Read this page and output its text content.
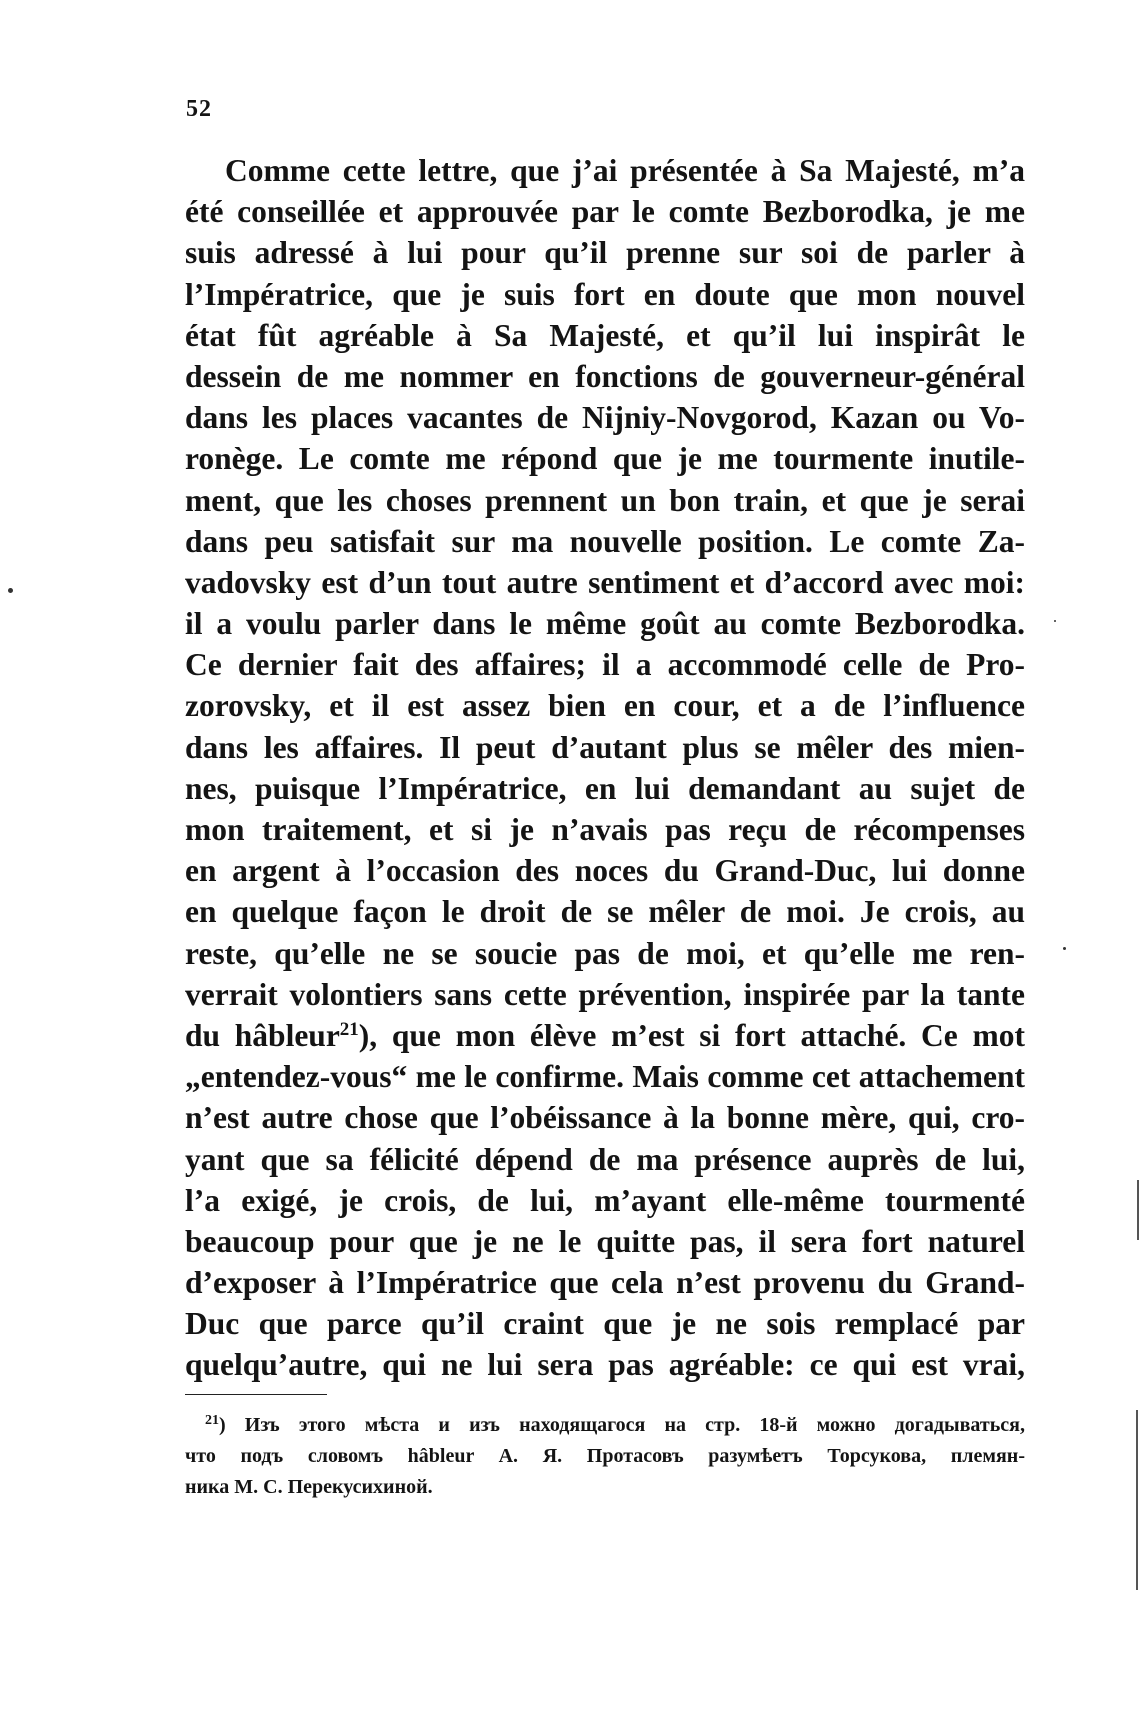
52
Comme cette lettre, que j’ai présentée à Sa Majesté, m’a
été conseillée et approuvée par le comte Bezborodka, je me
suis adressé à lui pour qu’il prenne sur soi de parler à
l’Impératrice, que je suis fort en doute que mon nouvel
état fût agréable à Sa Majesté, et qu’il lui inspirât le
dessein de me nommer en fonctions de gouverneur-général
dans les places vacantes de Nijniy-Novgorod, Kazan ou Vo-
ronège. Le comte me répond que je me tourmente inutile-
ment, que les choses prennent un bon train, et que je serai
dans peu satisfait sur ma nouvelle position. Le comte Za-
vadovsky est d’un tout autre sentiment et d’accord avec moi:
il a voulu parler dans le même goût au comte Bezborodka.
Ce dernier fait des affaires; il a accommodé celle de Pro-
zorovsky, et il est assez bien en cour, et a de l’influence
dans les affaires. Il peut d’autant plus se mêler des mien-
nes, puisque l’Impératrice, en lui demandant au sujet de
mon traitement, et si je n’avais pas reçu de récompenses
en argent à l’occasion des noces du Grand-Duc, lui donne
en quelque façon le droit de se mêler de moi. Je crois, au
reste, qu’elle ne se soucie pas de moi, et qu’elle me ren-
verrait volontiers sans cette prévention, inspirée par la tante
du hâbleur$^{21}$), que mon élève m’est si fort attaché. Ce mot
„entendez-vous“ me le confirme. Mais comme cet attachement
n’est autre chose que l’obéissance à la bonne mère, qui, cro-
yant que sa félicité dépend de ma présence auprès de lui,
l’a exigé, je crois, de lui, m’ayant elle-même tourmenté
beaucoup pour que je ne le quitte pas, il sera fort naturel
d’exposer à l’Impératrice que cela n’est provenu du Grand-
Duc que parce qu’il craint que je ne sois remplacé par
quelqu’autre, qui ne lui sera pas agréable: ce qui est vrai,
$^{21}$) Изъ этого мѣста и изъ находящагося на стр. 18-й можно догадываться,
что подъ словомъ hâbleur А. Я. Протасовъ разумѣетъ Торсукова, племян-
ника М. С. Перекусихиной.
